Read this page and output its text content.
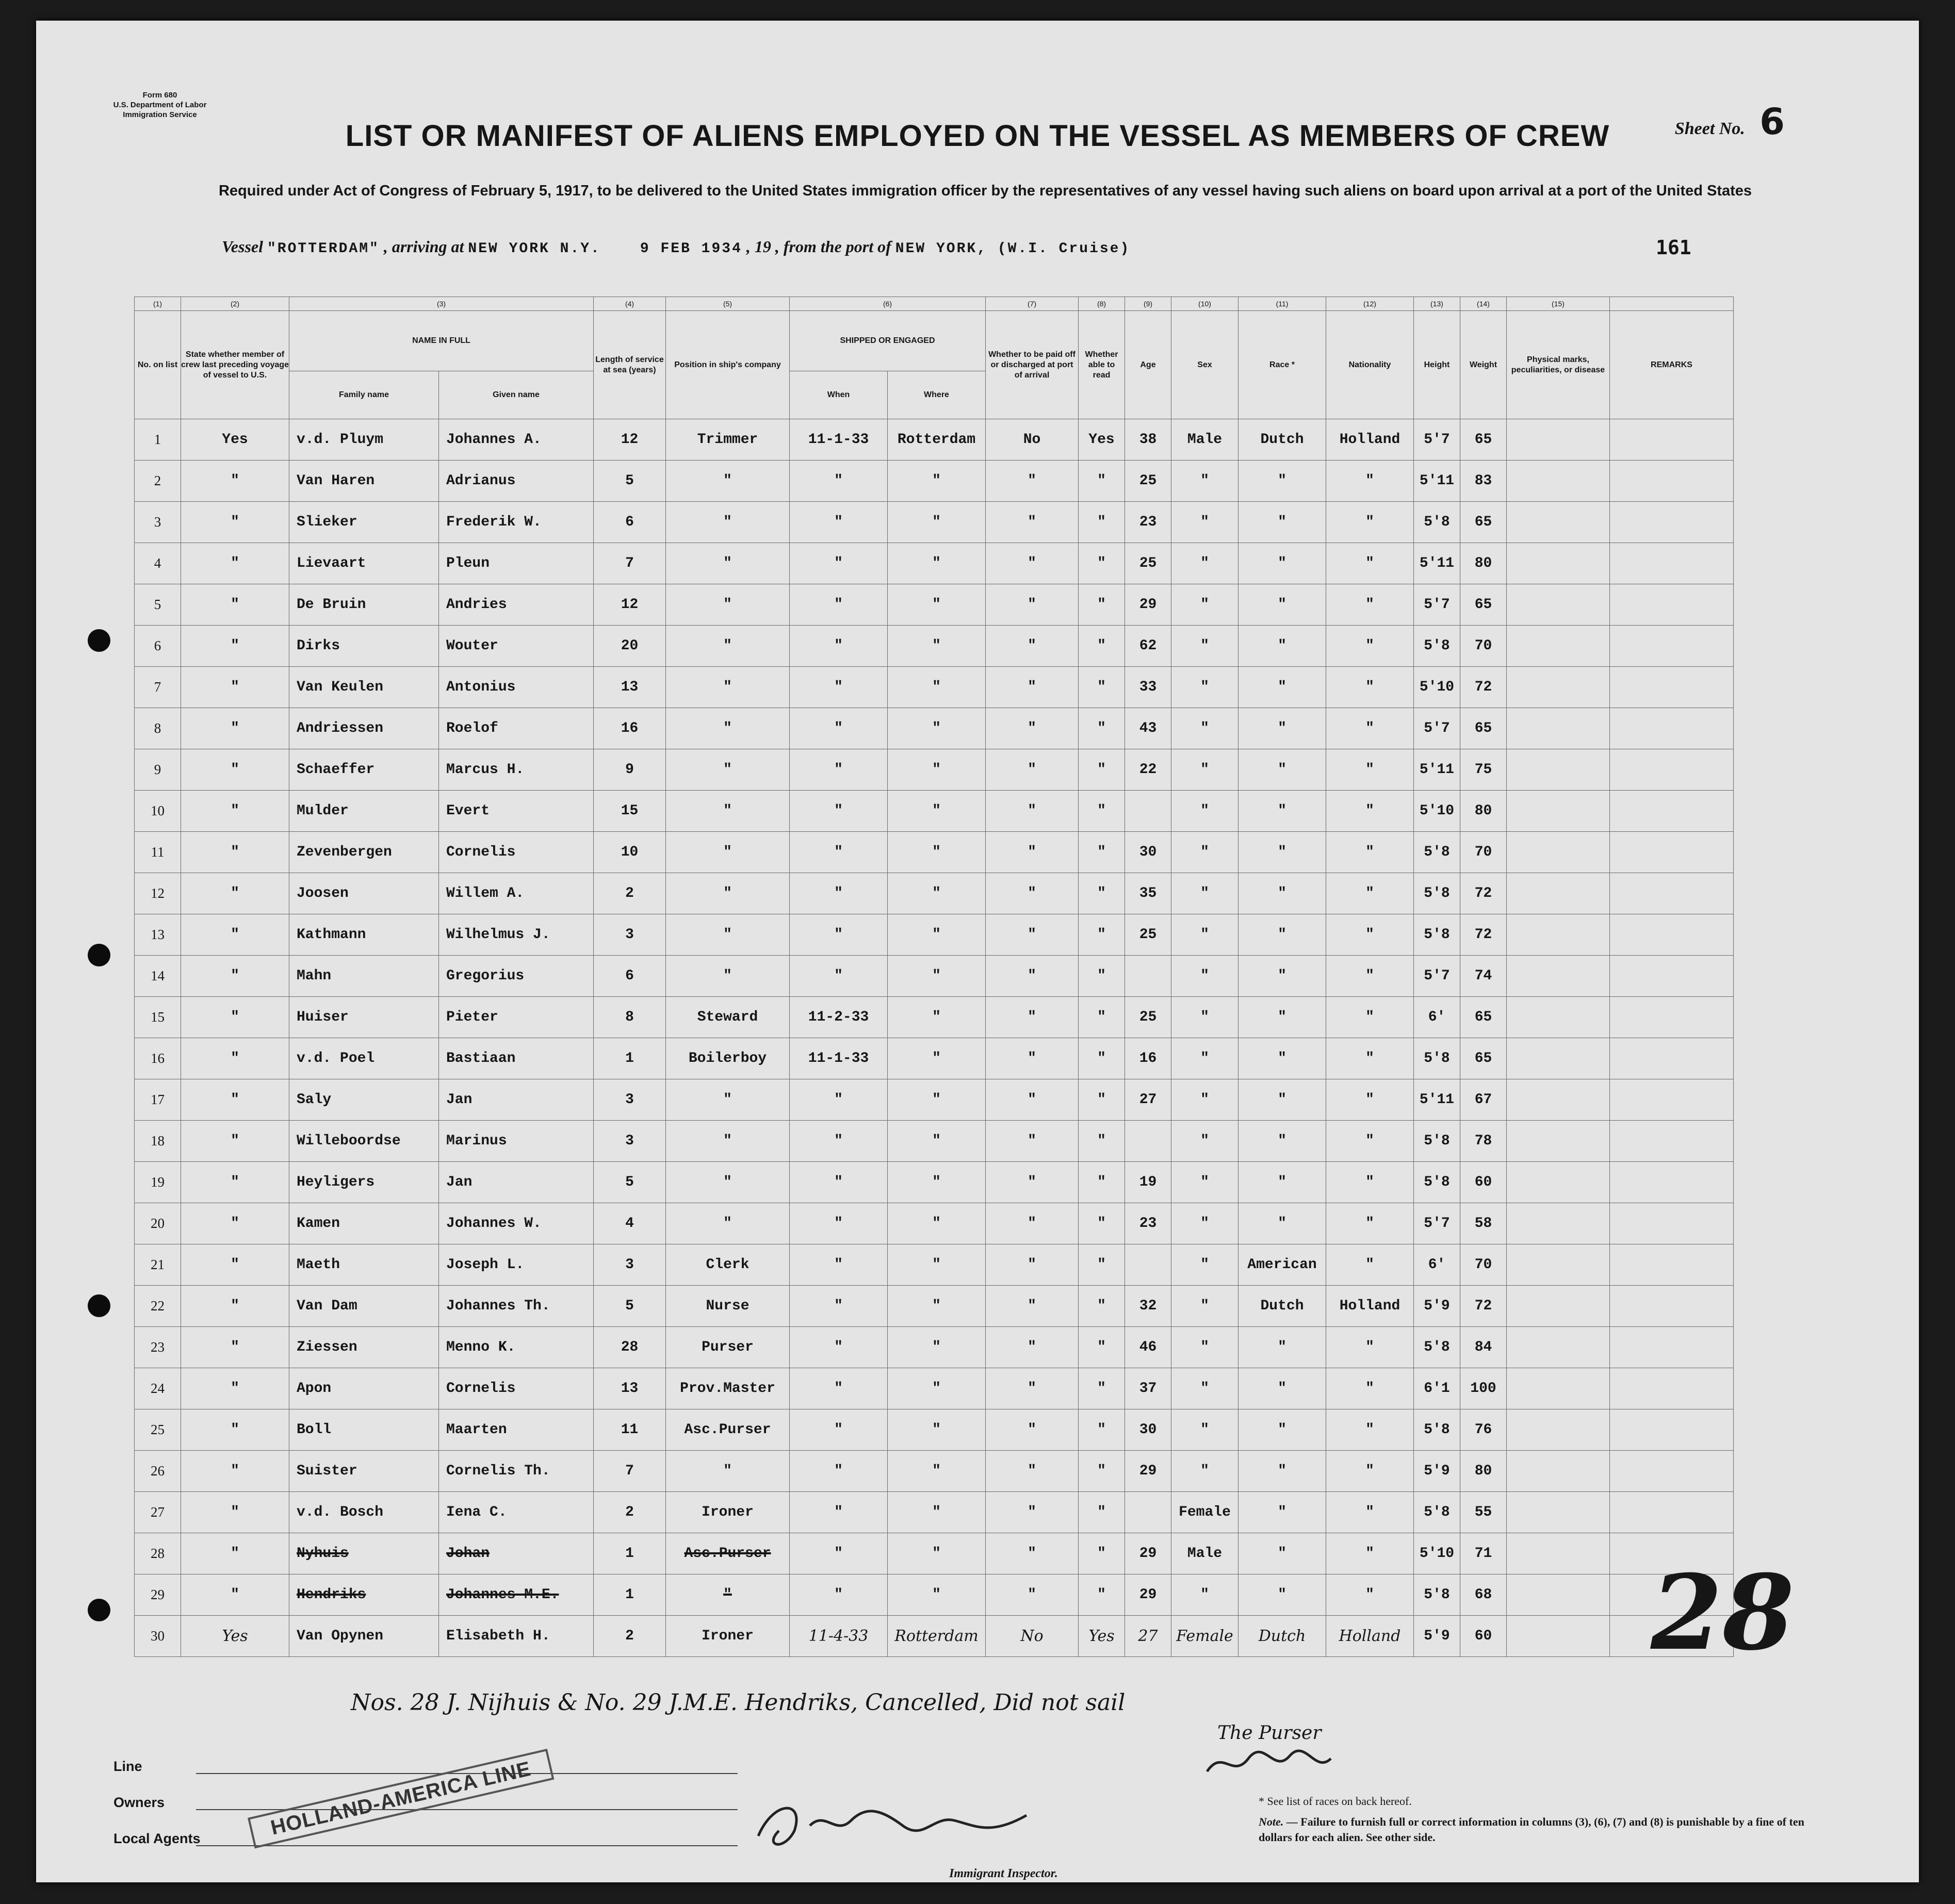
Form 680
U.S. Department of Labor
Immigration Service
Sheet No. 6
LIST OR MANIFEST OF ALIENS EMPLOYED ON THE VESSEL AS MEMBERS OF CREW
Required under Act of Congress of February 5, 1917, to be delivered to the United States immigration officer by the representatives of any vessel having such aliens on board upon arrival at a port of the United States
Vessel "ROTTERDAM" , arriving at NEW YORK N.Y.	9 FEB 1934 , 19 , from the port of NEW YORK, (W.I. Cruise)	161
(1)	(2)	(3)		(4)	(5)	(6)		(7)	(8)	(9)	(10)	(11)	(12)	(13)	(14)	(15)	
No. on list	State whether member of crew last preceding voyage of vessel to U.S.	NAME IN FULL		Length of service at sea (years)	Position in ship's company	SHIPPED OR ENGAGED		Whether to be paid off or discharged at port of arrival	Whether able to read	Age	Sex	Race *	Nationality	Height	Weight	Physical marks, peculiarities, or disease	REMARKS
		Family name	Given name			When	Where										
1	Yes	v.d. Pluym	Johannes A.	12	Trimmer	11-1-33	Rotterdam	No	Yes	38	Male	Dutch	Holland	5'7	65		
2	"	Van Haren	Adrianus	5	"	"	"	"	"	25	"	"	"	5'11	83		
3	"	Slieker	Frederik W.	6	"	"	"	"	"	23	"	"	"	5'8	65		
4	"	Lievaart	Pleun	7	"	"	"	"	"	25	"	"	"	5'11	80		
5	"	De Bruin	Andries	12	"	"	"	"	"	29	"	"	"	5'7	65		
6	"	Dirks	Wouter	20	"	"	"	"	"	62	"	"	"	5'8	70		
7	"	Van Keulen	Antonius	13	"	"	"	"	"	33	"	"	"	5'10	72		
8	"	Andriessen	Roelof	16	"	"	"	"	"	43	"	"	"	5'7	65		
9	"	Schaeffer	Marcus H.	9	"	"	"	"	"	22	"	"	"	5'11	75		
10	"	Mulder	Evert	15	"	"	"	"	"		"	"	"	5'10	80		
11	"	Zevenbergen	Cornelis	10	"	"	"	"	"	30	"	"	"	5'8	70		
12	"	Joosen	Willem A.	2	"	"	"	"	"	35	"	"	"	5'8	72		
13	"	Kathmann	Wilhelmus J.	3	"	"	"	"	"	25	"	"	"	5'8	72		
14	"	Mahn	Gregorius	6	"	"	"	"	"		"	"	"	5'7	74		
15	"	Huiser	Pieter	8	Steward	11-2-33	"	"	"	25	"	"	"	6'	65		
16	"	v.d. Poel	Bastiaan	1	Boilerboy	11-1-33	"	"	"	16	"	"	"	5'8	65		
17	"	Saly	Jan	3	"	"	"	"	"	27	"	"	"	5'11	67		
18	"	Willeboordse	Marinus	3	"	"	"	"	"		"	"	"	5'8	78		
19	"	Heyligers	Jan	5	"	"	"	"	"	19	"	"	"	5'8	60		
20	"	Kamen	Johannes W.	4	"	"	"	"	"	23	"	"	"	5'7	58		
21	"	Maeth	Joseph L.	3	Clerk	"	"	"	"		"	American	"	6'	70		
22	"	Van Dam	Johannes Th.	5	Nurse	"	"	"	"	32	"	Dutch	Holland	5'9	72		
23	"	Ziessen	Menno K.	28	Purser	"	"	"	"	46	"	"	"	5'8	84		
24	"	Apon	Cornelis	13	Prov.Master	"	"	"	"	37	"	"	"	6'1	100		
25	"	Boll	Maarten	11	Asc.Purser	"	"	"	"	30	"	"	"	5'8	76		
26	"	Suister	Cornelis Th.	7	"	"	"	"	"	29	"	"	"	5'9	80		
27	"	v.d. Bosch	Iena C.	2	Ironer	"	"	"	"		Female	"	"	5'8	55		
28	"	Nyhuis	Johan	1	Asc.Purser	"	"	"	"	29	Male	"	"	5'10	71		
29	"	Hendriks	Johannes M.E.	1	"	"	"	"	"	29	"	"	"	5'8	68		
30	Yes	Van Opynen	Elisabeth H.	2	Ironer	11-4-33	Rotterdam	No	Yes	27	Female	Dutch	Holland	5'9	60		
Nos. 28 J. Nijhuis & No. 29 J.M.E. Hendriks, Cancelled, Did not sail
28
The Purser
Line
Owners
Local Agents	HOLLAND-AMERICA LINE
Immigrant Inspector.
* See list of races on back hereof.
Note. — Failure to furnish full or correct information in columns (3), (6), (7) and (8) is punishable by a fine of ten dollars for each alien. See other side.
